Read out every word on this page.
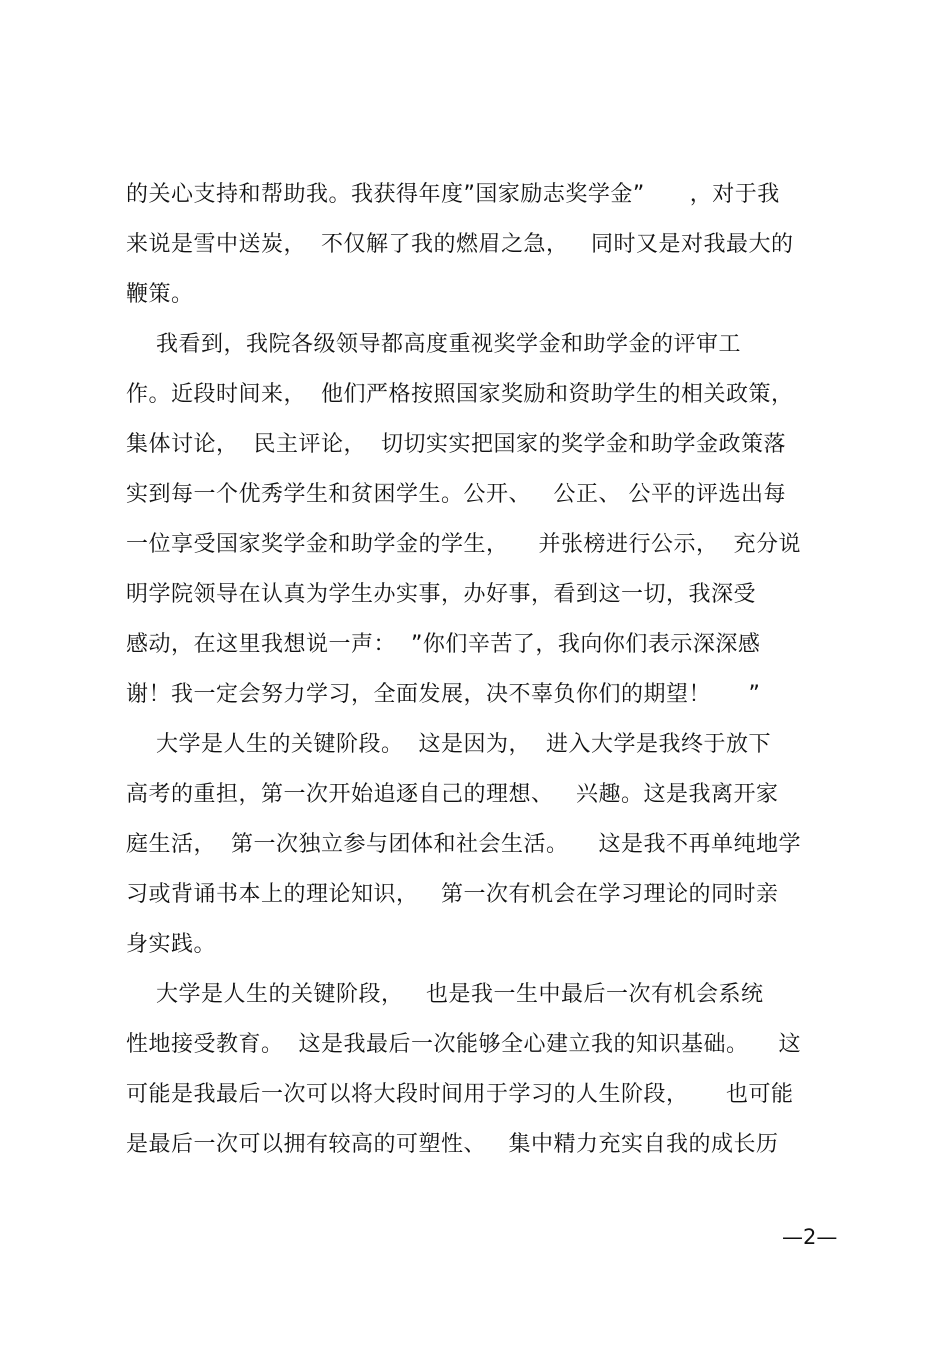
的关心支持和帮助我。我获得年度”国家励志奖学金”      ，对于我
来说是雪中送炭，  不仅解了我的燃眉之急，   同时又是对我最大的
鞭策。
我看到，我院各级领导都高度重视奖学金和助学金的评审工
作。近段时间来，  他们严格按照国家奖励和资助学生的相关政策，
集体讨论，  民主评论，  切切实实把国家的奖学金和助学金政策落
实到每一个优秀学生和贫困学生。公开、   公正、 公平的评选出每
一位享受国家奖学金和助学金的学生，    并张榜进行公示，  充分说
明学院领导在认真为学生办实事，办好事，看到这一切，我深受
感动，在这里我想说一声：  ”你们辛苦了，我向你们表示深深感
谢！我一定会努力学习，全面发展，决不辜负你们的期望！     ”
大学是人生的关键阶段。  这是因为，  进入大学是我终于放下
高考的重担，第一次开始追逐自己的理想、   兴趣。这是我离开家
庭生活，  第一次独立参与团体和社会生活。    这是我不再单纯地学
习或背诵书本上的理论知识，   第一次有机会在学习理论的同时亲
身实践。
大学是人生的关键阶段，   也是我一生中最后一次有机会系统
性地接受教育。  这是我最后一次能够全心建立我的知识基础。    这
可能是我最后一次可以将大段时间用于学习的人生阶段，     也可能
是最后一次可以拥有较高的可塑性、   集中精力充实自我的成长历
—2—
